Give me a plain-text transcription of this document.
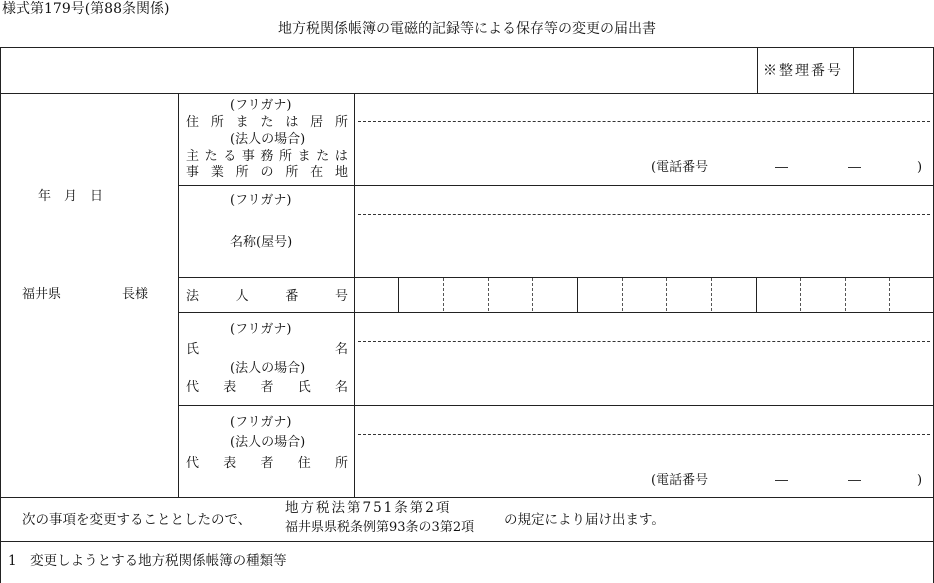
様式第179号(第88条関係)
地方税関係帳簿の電磁的記録等による保存等の変更の届出書
※整理番号
年　月　日
福井県	長様
(フリガナ)
住 所 ま た は 居 所
(法人の場合)
主 た る 事 務 所 ま た は
事 業 所 の 所 在 地	(電話番号	―	―	)
(フリガナ)
名称(屋号)
法	人	番	号
(フリガナ)
氏	名
(法人の場合)
代 表 者 氏 名
(フリガナ)
(法人の場合)
代 表 者 住 所
(電話番号	―	―	)
次の事項を変更することとしたので、
地方税法第751条第2項
福井県県税条例第93条の3第2項 の規定により届け出ます。
1　変更しようとする地方税関係帳簿の種類等
